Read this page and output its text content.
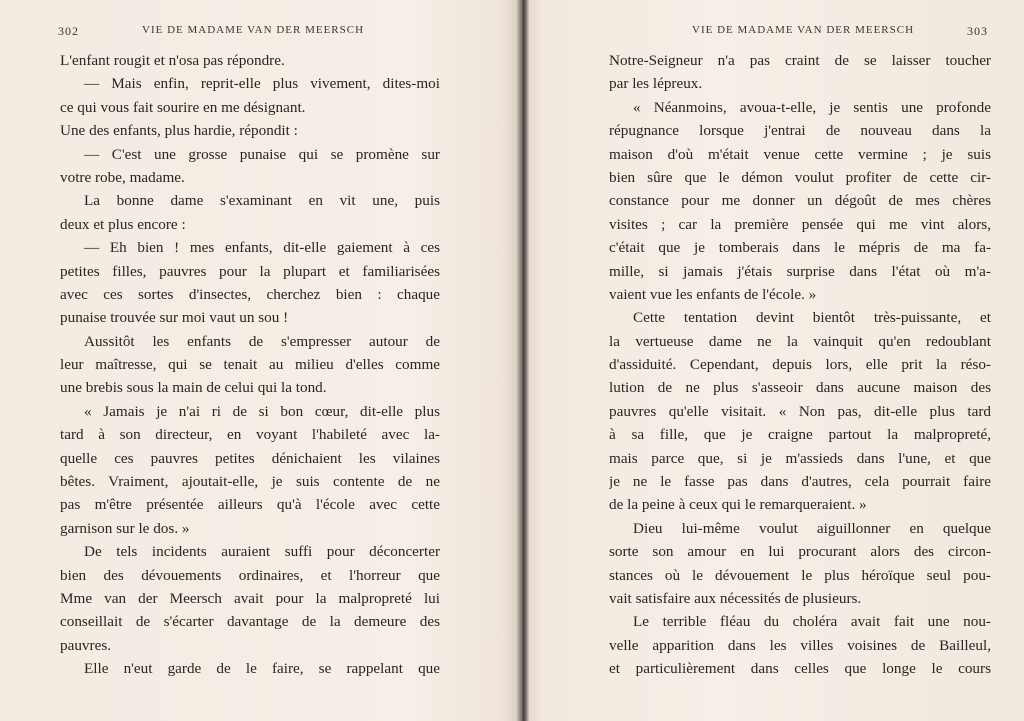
302	VIE DE MADAME VAN DER MEERSCH
L'enfant rougit et n'osa pas répondre.
— Mais enfin, reprit-elle plus vivement, dites-moi
ce qui vous fait sourire en me désignant.
Une des enfants, plus hardie, répondit :
— C'est une grosse punaise qui se promène sur
votre robe, madame.
La bonne dame s'examinant en vit une, puis
deux et plus encore :
— Eh bien ! mes enfants, dit-elle gaiement à ces
petites filles, pauvres pour la plupart et familiarisées
avec ces sortes d'insectes, cherchez bien : chaque
punaise trouvée sur moi vaut un sou !
Aussitôt les enfants de s'empresser autour de
leur maîtresse, qui se tenait au milieu d'elles comme
une brebis sous la main de celui qui la tond.
« Jamais je n'ai ri de si bon cœur, dit-elle plus
tard à son directeur, en voyant l'habileté avec la-
quelle ces pauvres petites dénichaient les vilaines
bêtes. Vraiment, ajoutait-elle, je suis contente de ne
pas m'être présentée ailleurs qu'à l'école avec cette
garnison sur le dos. »
De tels incidents auraient suffi pour déconcerter
bien des dévouements ordinaires, et l'horreur que
Mme van der Meersch avait pour la malpropreté lui
conseillait de s'écarter davantage de la demeure des
pauvres.
Elle n'eut garde de le faire, se rappelant que
VIE DE MADAME VAN DER MEERSCH	303
Notre-Seigneur n'a pas craint de se laisser toucher
par les lépreux.
« Néanmoins, avoua-t-elle, je sentis une profonde
répugnance lorsque j'entrai de nouveau dans la
maison d'où m'était venue cette vermine ; je suis
bien sûre que le démon voulut profiter de cette cir-
constance pour me donner un dégoût de mes chères
visites ; car la première pensée qui me vint alors,
c'était que je tomberais dans le mépris de ma fa-
mille, si jamais j'étais surprise dans l'état où m'a-
vaient vue les enfants de l'école. »
Cette tentation devint bientôt très-puissante, et
la vertueuse dame ne la vainquit qu'en redoublant
d'assiduité. Cependant, depuis lors, elle prit la réso-
lution de ne plus s'asseoir dans aucune maison des
pauvres qu'elle visitait. « Non pas, dit-elle plus tard
à sa fille, que je craigne partout la malpropreté,
mais parce que, si je m'assieds dans l'une, et que
je ne le fasse pas dans d'autres, cela pourrait faire
de la peine à ceux qui le remarqueraient. »
Dieu lui-même voulut aiguillonner en quelque
sorte son amour en lui procurant alors des circon-
stances où le dévouement le plus héroïque seul pou-
vait satisfaire aux nécessités de plusieurs.
Le terrible fléau du choléra avait fait une nou-
velle apparition dans les villes voisines de Bailleul,
et particulièrement dans celles que longe le cours
